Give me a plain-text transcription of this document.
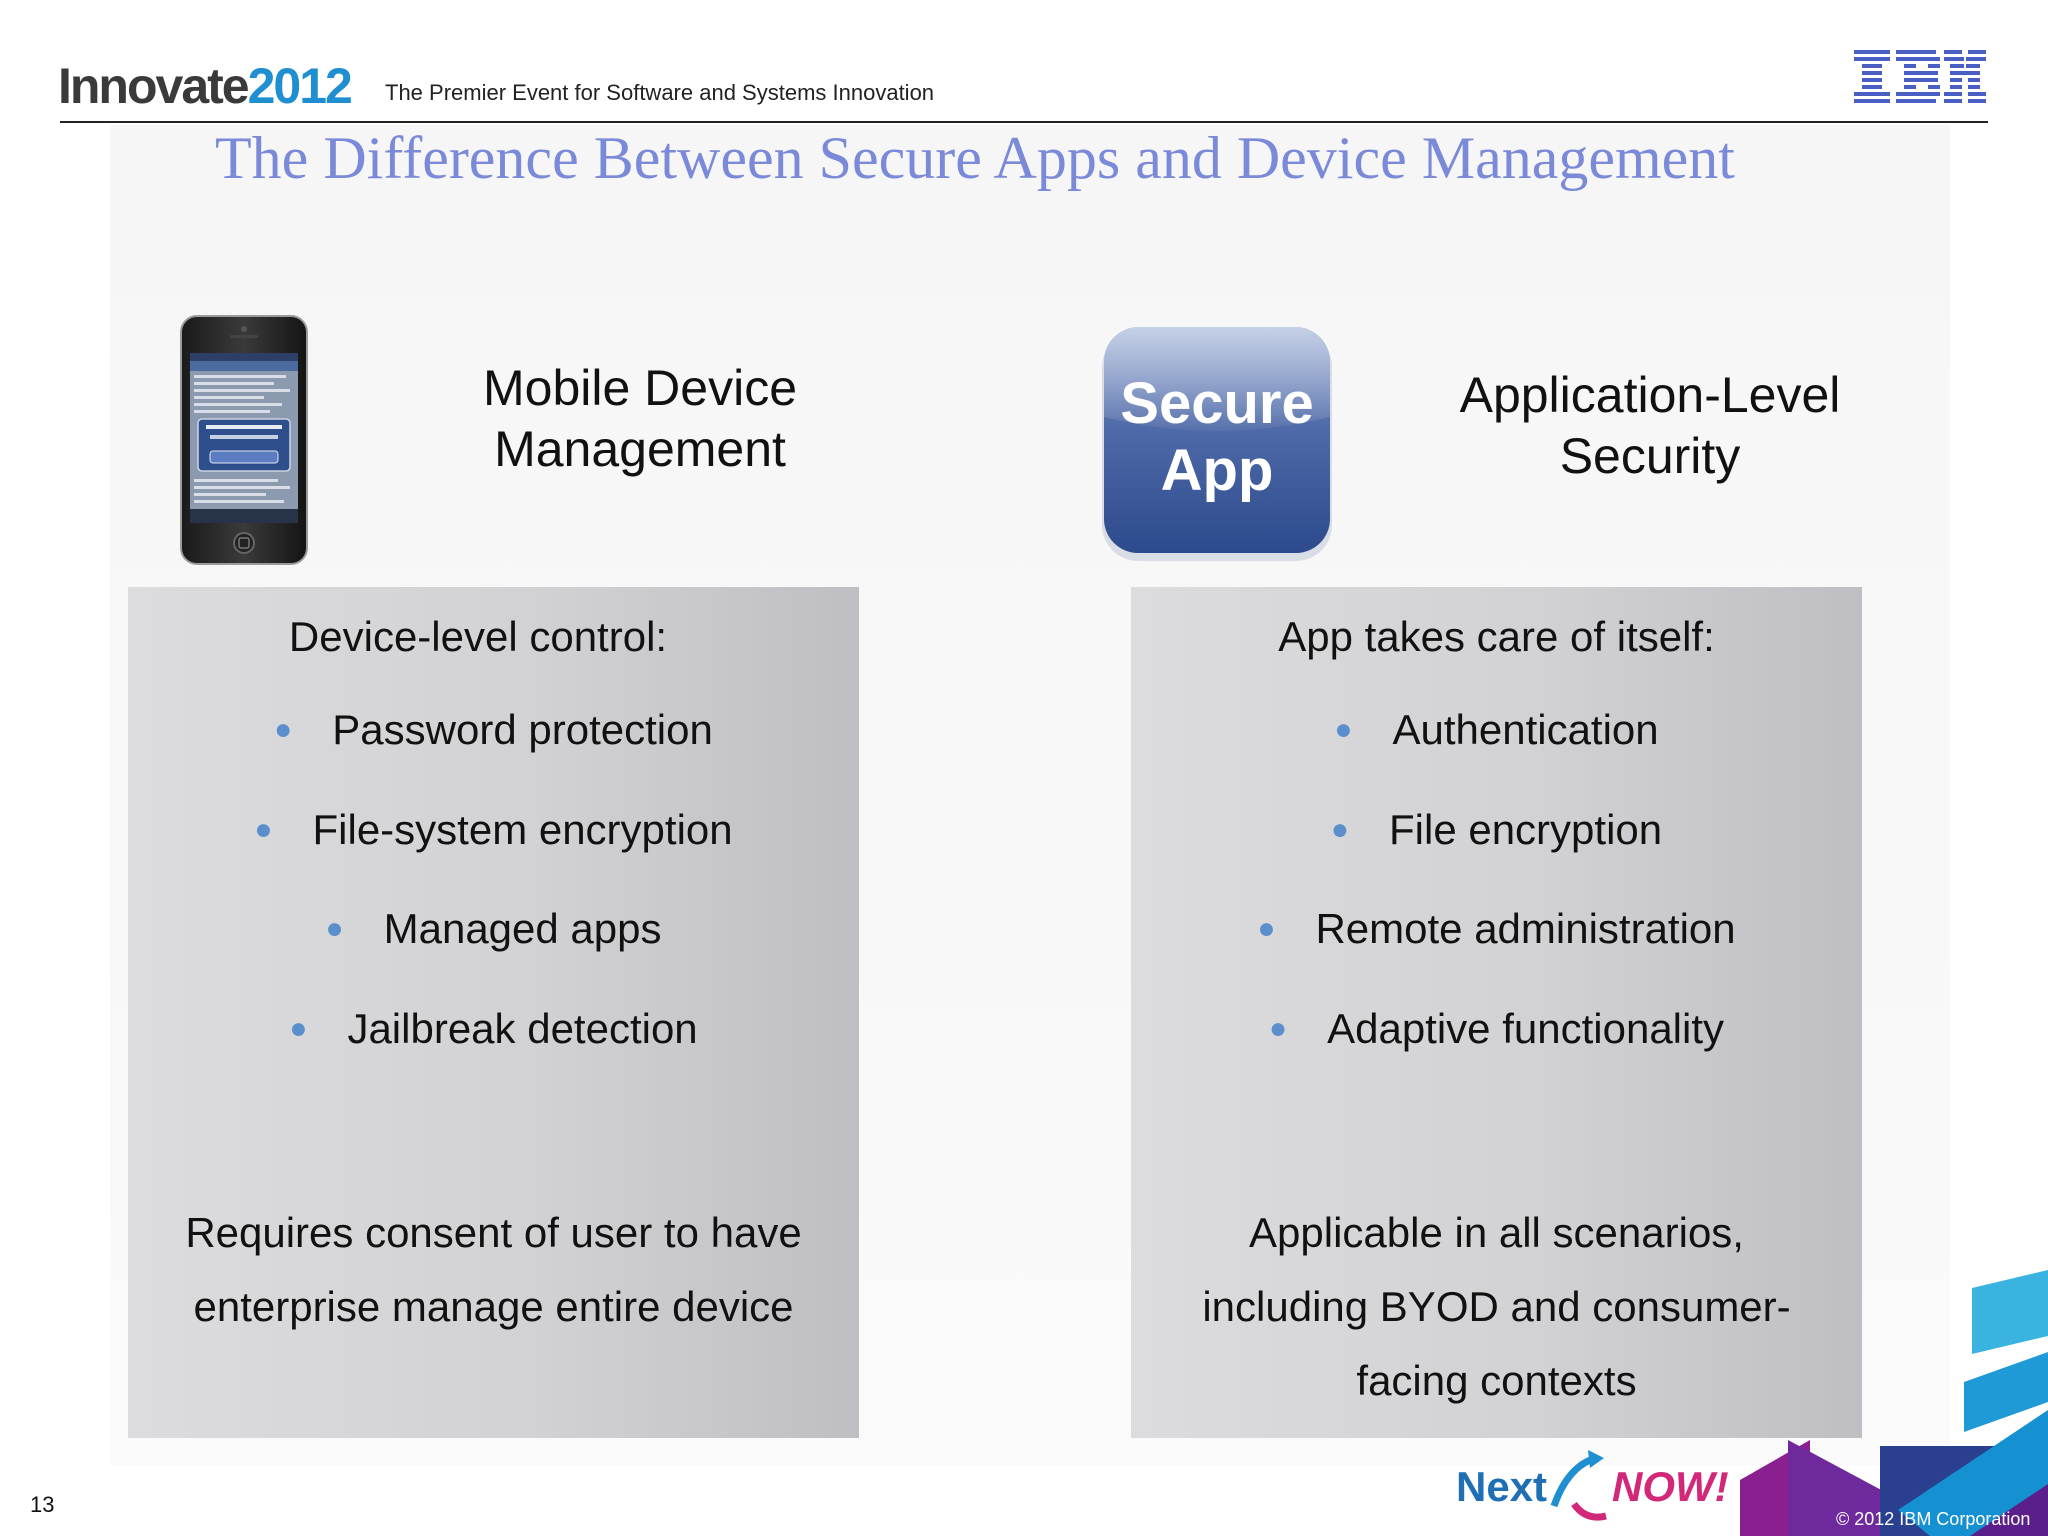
Innovate2012 The Premier Event for Software and Systems Innovation
The Difference Between Secure Apps and Device Management
Mobile Device
Management
Secure
App
Application-Level
Security
Device-level control:
● Password protection
● File-system encryption
● Managed apps
● Jailbreak detection
Requires consent of user to have
enterprise manage entire device
App takes care of itself:
● Authentication
● File encryption
● Remote administration
● Adaptive functionality
Applicable in all scenarios,
including BYOD and consumer-
facing contexts
13	Next NOW!
© 2012 IBM Corporation
